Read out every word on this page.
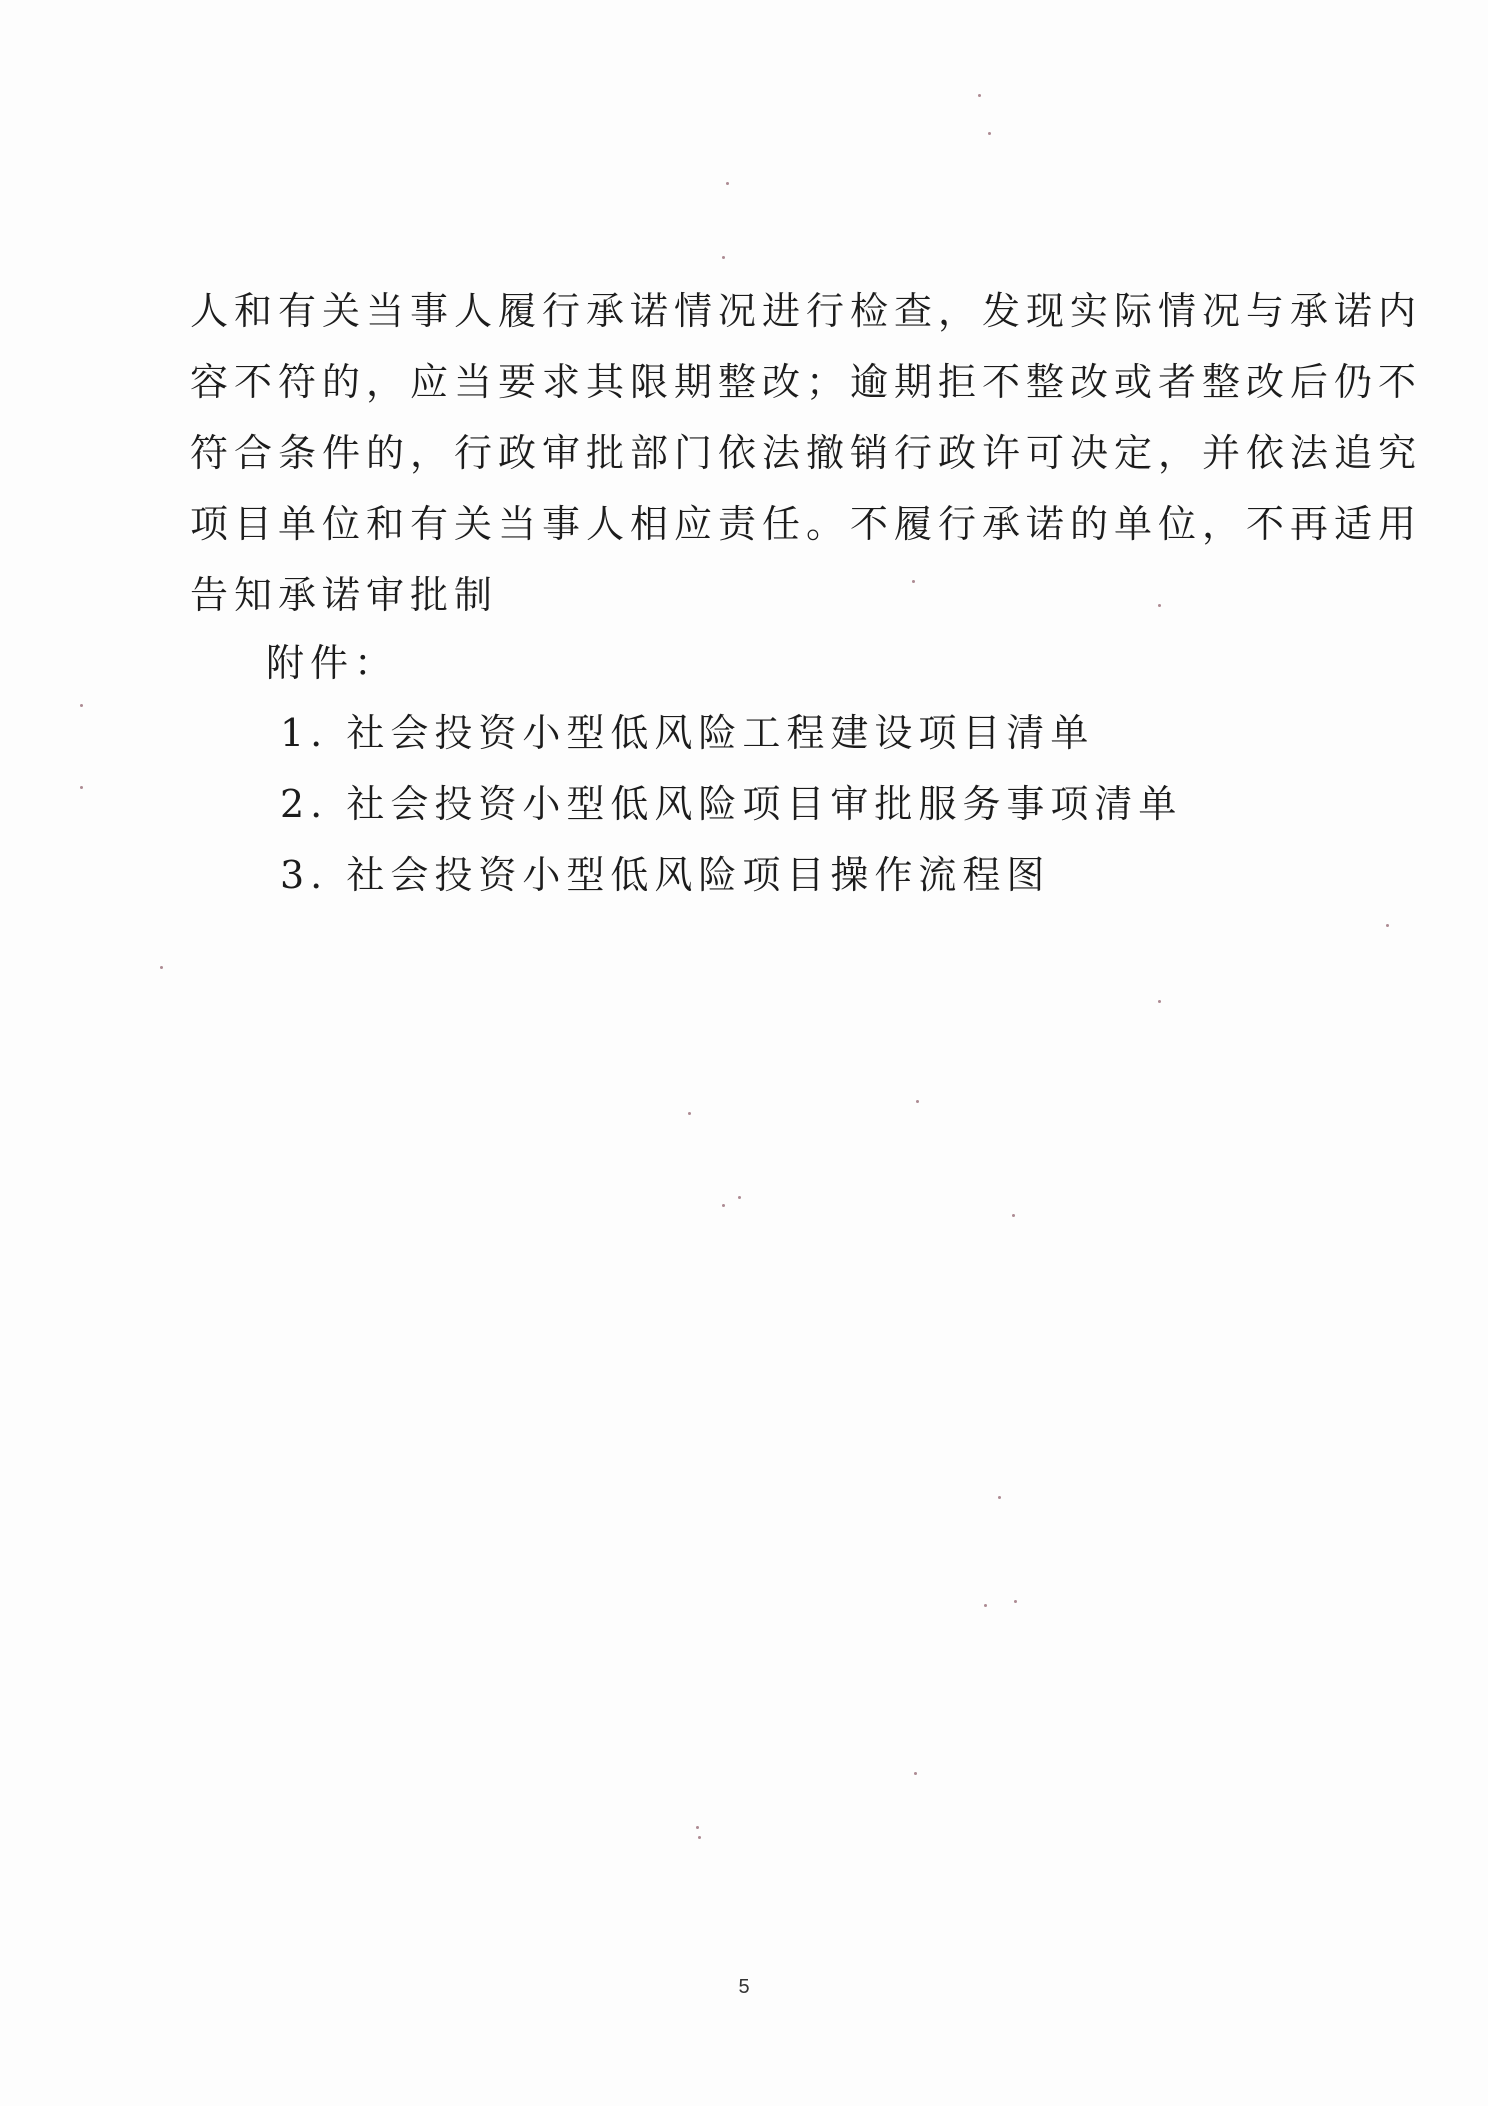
人和有关当事人履行承诺情况进行检查，发现实际情况与承诺内
容不符的，应当要求其限期整改；逾期拒不整改或者整改后仍不
符合条件的，行政审批部门依法撤销行政许可决定，并依法追究
项目单位和有关当事人相应责任。不履行承诺的单位，不再适用
告知承诺审批制

附件：

1. 社会投资小型低风险工程建设项目清单
2. 社会投资小型低风险项目审批服务事项清单
3. 社会投资小型低风险项目操作流程图
5
